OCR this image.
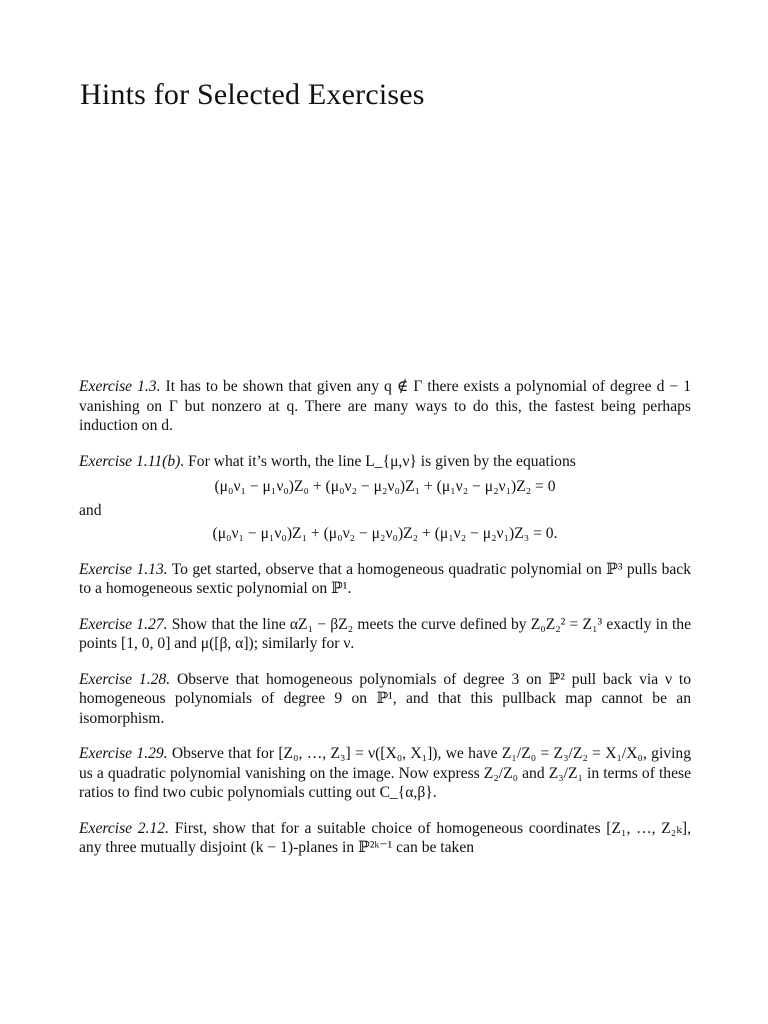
Hints for Selected Exercises

Exercise 1.3. It has to be shown that given any q ∉ Γ there exists a polynomial of degree d − 1 vanishing on Γ but nonzero at q. There are many ways to do this, the fastest being perhaps induction on d.

Exercise 1.11(b). For what it’s worth, the line L_{μ,ν} is given by the equations

(μ₀ν₁ − μ₁ν₀)Z₀ + (μ₀ν₂ − μ₂ν₀)Z₁ + (μ₁ν₂ − μ₂ν₁)Z₂ = 0
and
(μ₀ν₁ − μ₁ν₀)Z₁ + (μ₀ν₂ − μ₂ν₀)Z₂ + (μ₁ν₂ − μ₂ν₁)Z₃ = 0.

Exercise 1.13. To get started, observe that a homogeneous quadratic polynomial on ℙ³ pulls back to a homogeneous sextic polynomial on ℙ¹.

Exercise 1.27. Show that the line αZ₁ − βZ₂ meets the curve defined by Z₀Z₂² = Z₁³ exactly in the points [1, 0, 0] and μ([β, α]); similarly for ν.

Exercise 1.28. Observe that homogeneous polynomials of degree 3 on ℙ² pull back via ν to homogeneous polynomials of degree 9 on ℙ¹, and that this pullback map cannot be an isomorphism.

Exercise 1.29. Observe that for [Z₀, …, Z₃] = ν([X₀, X₁]), we have Z₁/Z₀ = Z₃/Z₂ = X₁/X₀, giving us a quadratic polynomial vanishing on the image. Now express Z₂/Z₀ and Z₃/Z₁ in terms of these ratios to find two cubic polynomials cutting out C_{α,β}.

Exercise 2.12. First, show that for a suitable choice of homogeneous coordinates [Z₁, …, Z₂ₖ], any three mutually disjoint (k − 1)-planes in ℙ²ᵏ⁻¹ can be taken
